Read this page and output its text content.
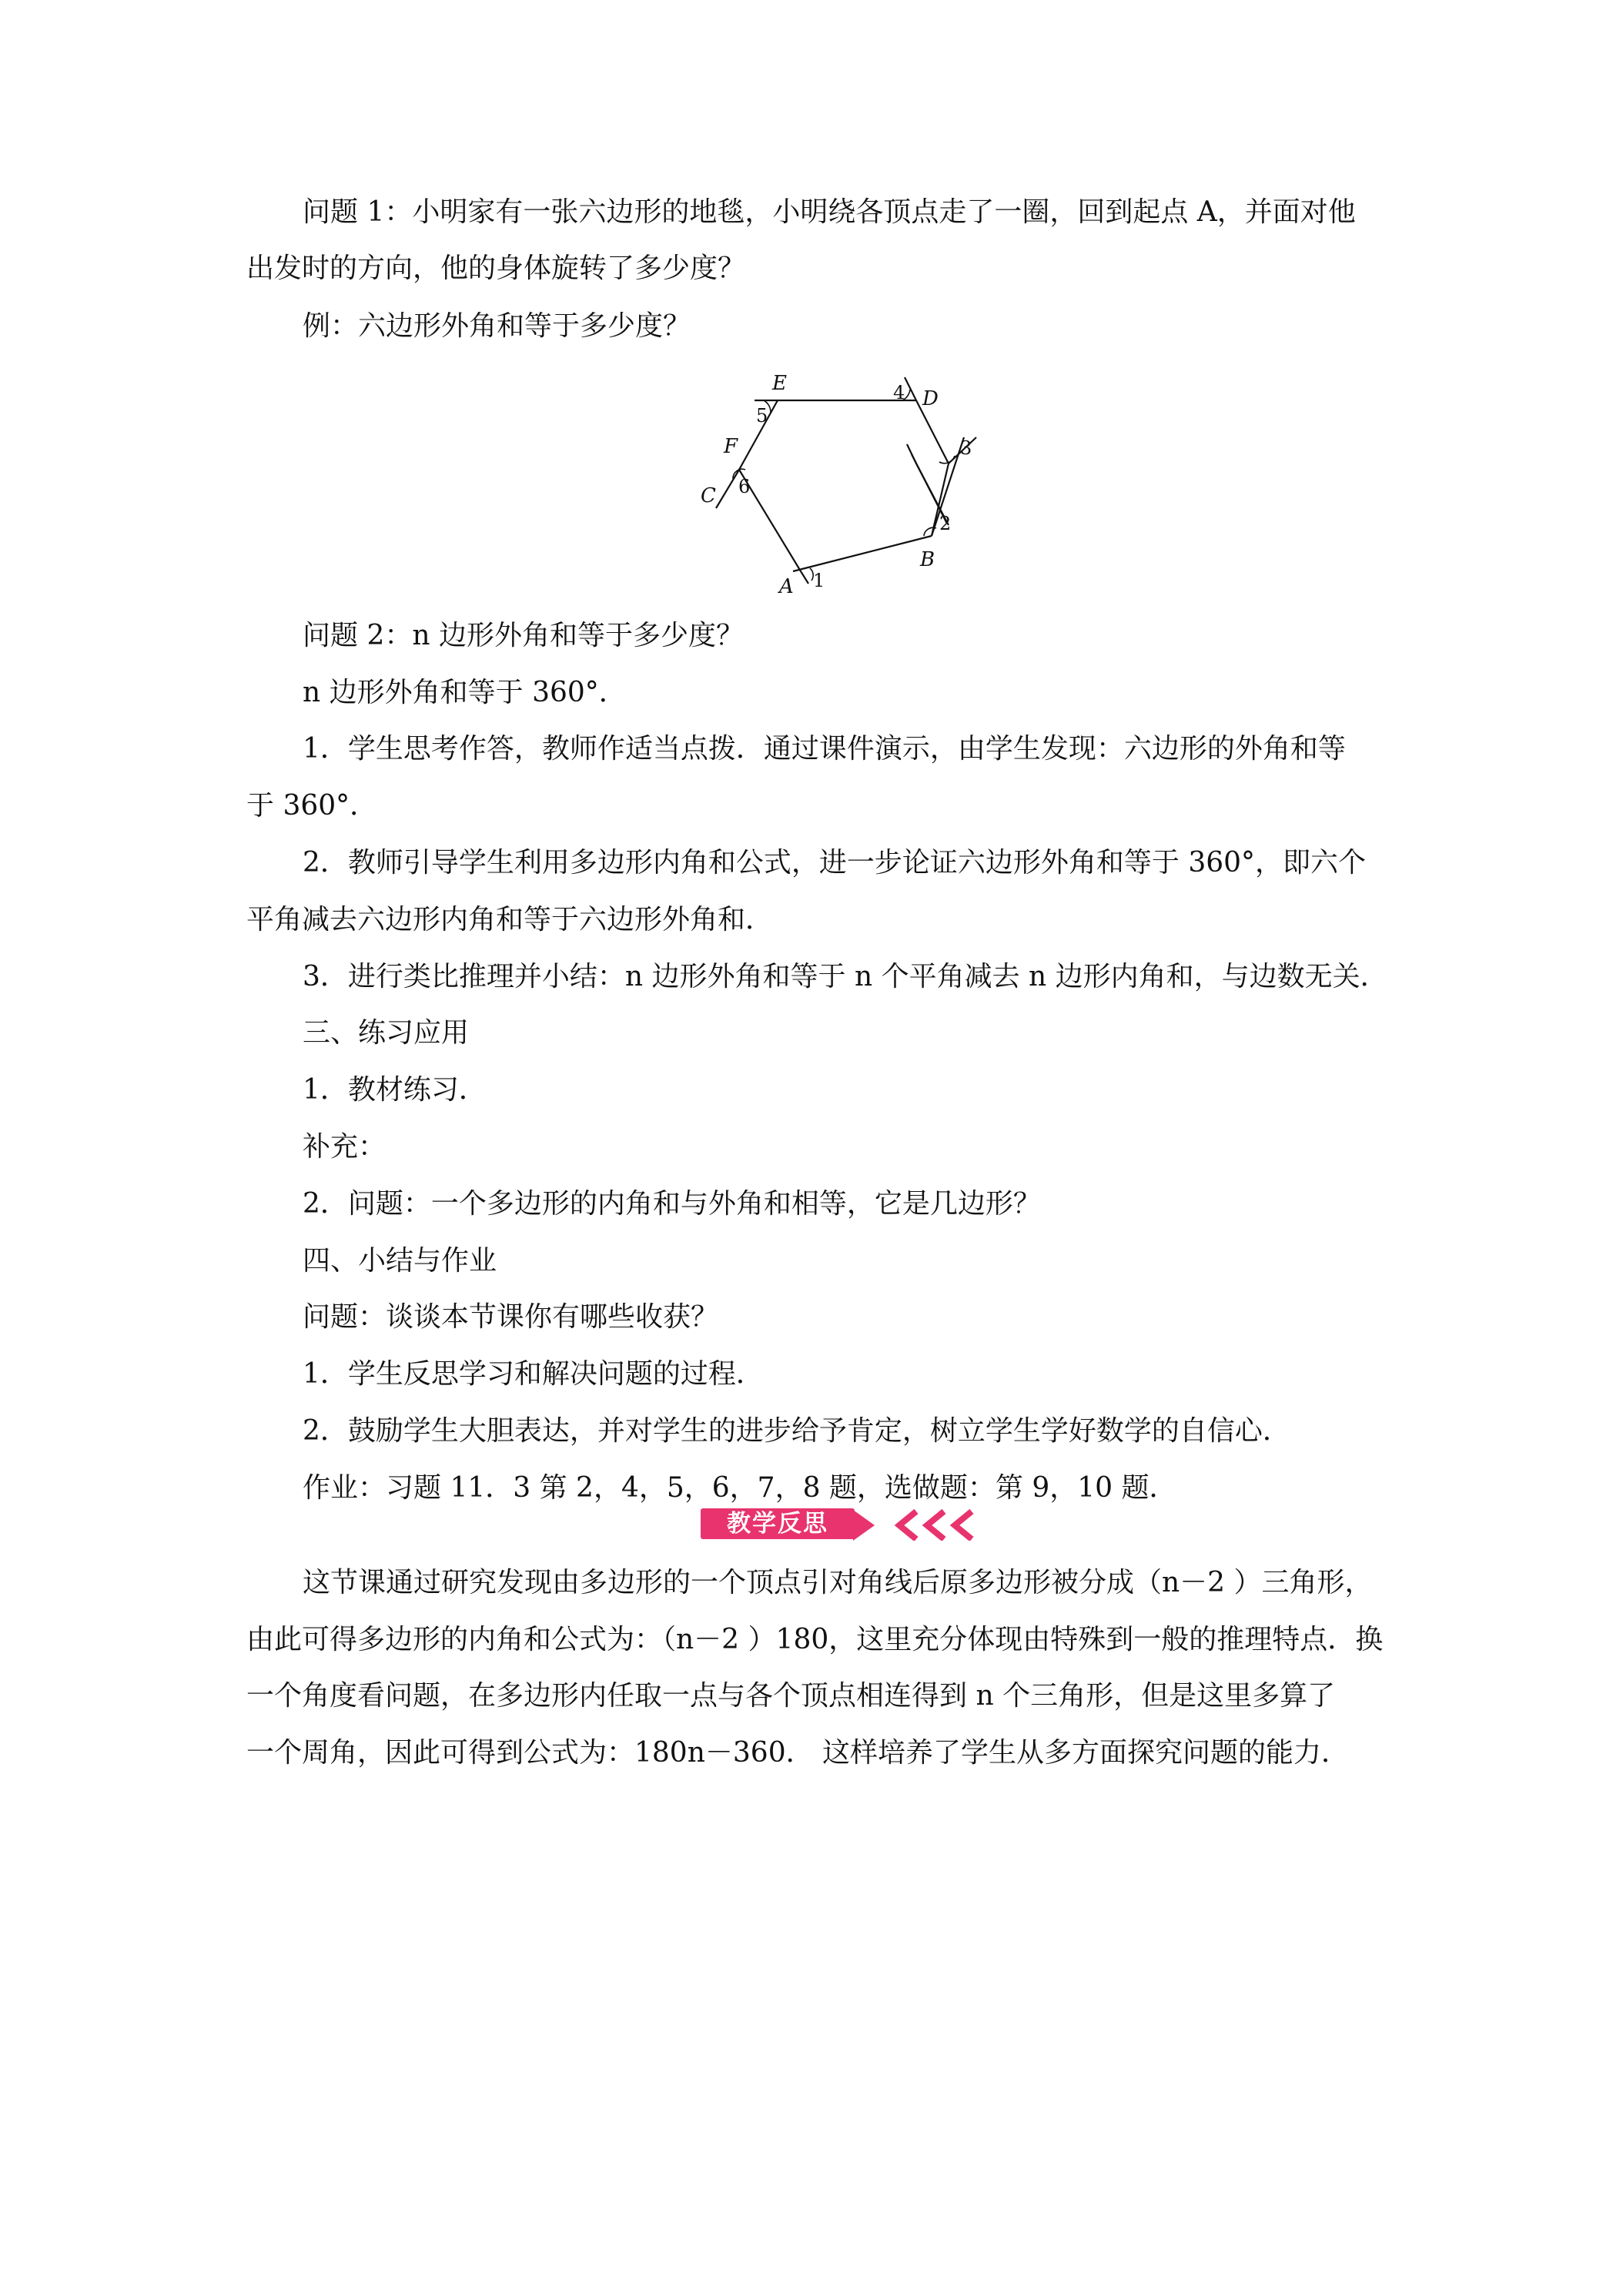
问题 1：小明家有一张六边形的地毯，小明绕各顶点走了一圈，回到起点 A，并面对他
出发时的方向，他的身体旋转了多少度？
例：六边形外角和等于多少度？
E
D
F
C
B
A 1
2
3
4
5
6
问题 2：n 边形外角和等于多少度？
n 边形外角和等于 360°．
1．学生思考作答，教师作适当点拨．通过课件演示，由学生发现：六边形的外角和等
于 360°．
2．教师引导学生利用多边形内角和公式，进一步论证六边形外角和等于 360°，即六个
平角减去六边形内角和等于六边形外角和．
3．进行类比推理并小结：n 边形外角和等于 n 个平角减去 n 边形内角和，与边数无关．
三、练习应用
1．教材练习．
补充：
2．问题：一个多边形的内角和与外角和相等，它是几边形？
四、小结与作业
问题：谈谈本节课你有哪些收获？
1．学生反思学习和解决问题的过程．
2．鼓励学生大胆表达，并对学生的进步给予肯定，树立学生学好数学的自信心．
作业：习题 11．3 第 2，4，5，6，7，8 题，选做题：第 9，10 题．
教学反思
这节课通过研究发现由多边形的一个顶点引对角线后原多边形被分成（n－2 ）三角形，
由此可得多边形的内角和公式为：（n－2 ）180，这里充分体现由特殊到一般的推理特点．换
一个角度看问题，在多边形内任取一点与各个顶点相连得到 n 个三角形，但是这里多算了
一个周角，因此可得到公式为：180n－360． 这样培养了学生从多方面探究问题的能力．
